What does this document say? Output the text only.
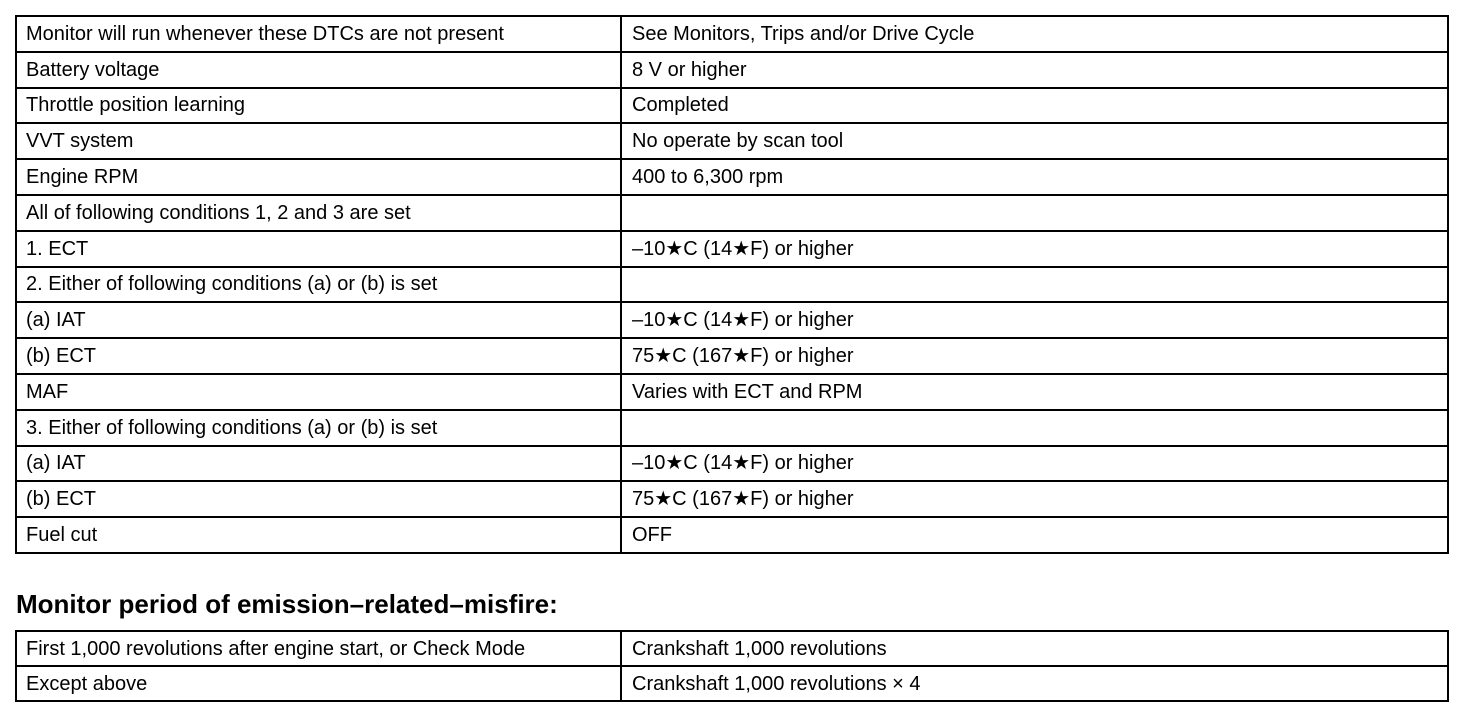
Monitor will run whenever these DTCs are not present	See Monitors, Trips and/or Drive Cycle
Battery voltage	8 V or higher
Throttle position learning	Completed
VVT system	No operate by scan tool
Engine RPM	400 to 6,300 rpm
All of following conditions 1, 2 and 3 are set	
1. ECT	–10★C (14★F) or higher
2. Either of following conditions (a) or (b) is set	
(a) IAT	–10★C (14★F) or higher
(b) ECT	75★C (167★F) or higher
MAF	Varies with ECT and RPM
3. Either of following conditions (a) or (b) is set	
(a) IAT	–10★C (14★F) or higher
(b) ECT	75★C (167★F) or higher
Fuel cut	OFF
Monitor period of emission–related–misfire:
First 1,000 revolutions after engine start, or Check Mode	Crankshaft 1,000 revolutions
Except above	Crankshaft 1,000 revolutions × 4
